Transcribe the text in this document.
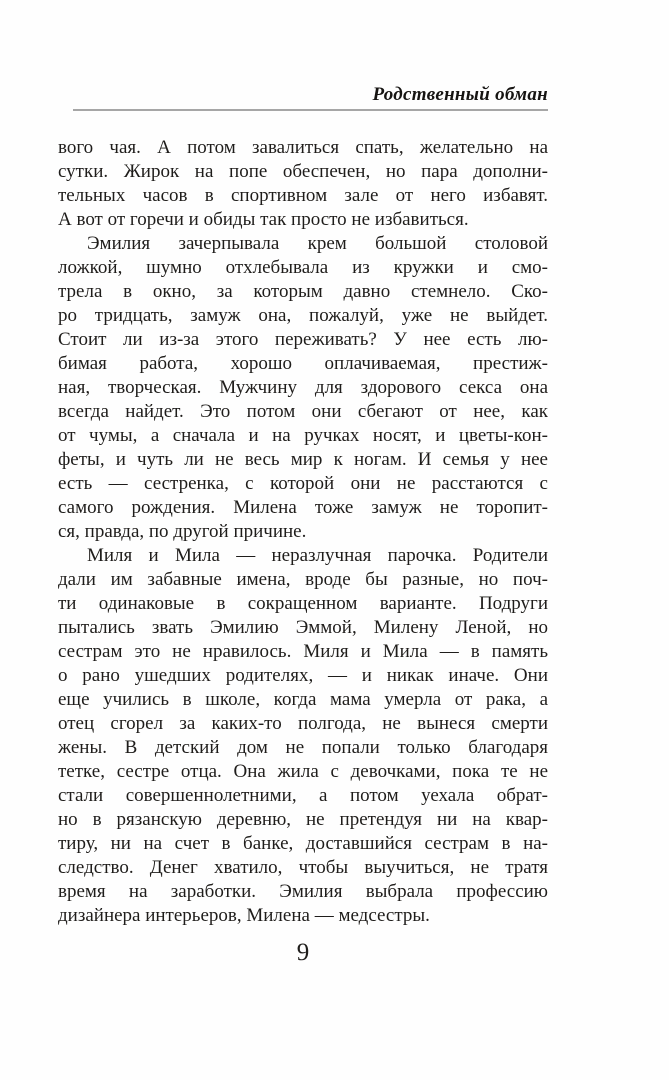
Родственный обман
вого чая. А потом завалиться спать, желательно на
сутки. Жирок на попе обеспечен, но пара дополни-
тельных часов в спортивном зале от него избавят.
А вот от горечи и обиды так просто не избавиться.
Эмилия зачерпывала крем большой столовой
ложкой, шумно отхлебывала из кружки и смо-
трела в окно, за которым давно стемнело. Ско-
ро тридцать, замуж она, пожалуй, уже не выйдет.
Стоит ли из-за этого переживать? У нее есть лю-
бимая работа, хорошо оплачиваемая, престиж-
ная, творческая. Мужчину для здорового секса она
всегда найдет. Это потом они сбегают от нее, как
от чумы, а сначала и на ручках носят, и цветы-кон-
феты, и чуть ли не весь мир к ногам. И семья у нее
есть — сестренка, с которой они не расстаются с
самого рождения. Милена тоже замуж не торопит-
ся, правда, по другой причине.
Миля и Мила — неразлучная парочка. Родители
дали им забавные имена, вроде бы разные, но поч-
ти одинаковые в сокращенном варианте. Подруги
пытались звать Эмилию Эммой, Милену Леной, но
сестрам это не нравилось. Миля и Мила — в память
о рано ушедших родителях, — и никак иначе. Они
еще учились в школе, когда мама умерла от рака, а
отец сгорел за каких-то полгода, не вынеся смерти
жены. В детский дом не попали только благодаря
тетке, сестре отца. Она жила с девочками, пока те не
стали совершеннолетними, а потом уехала обрат-
но в рязанскую деревню, не претендуя ни на квар-
тиру, ни на счет в банке, доставшийся сестрам в на-
следство. Денег хватило, чтобы выучиться, не тратя
время на заработки. Эмилия выбрала профессию
дизайнера интерьеров, Милена — медсестры.
9
